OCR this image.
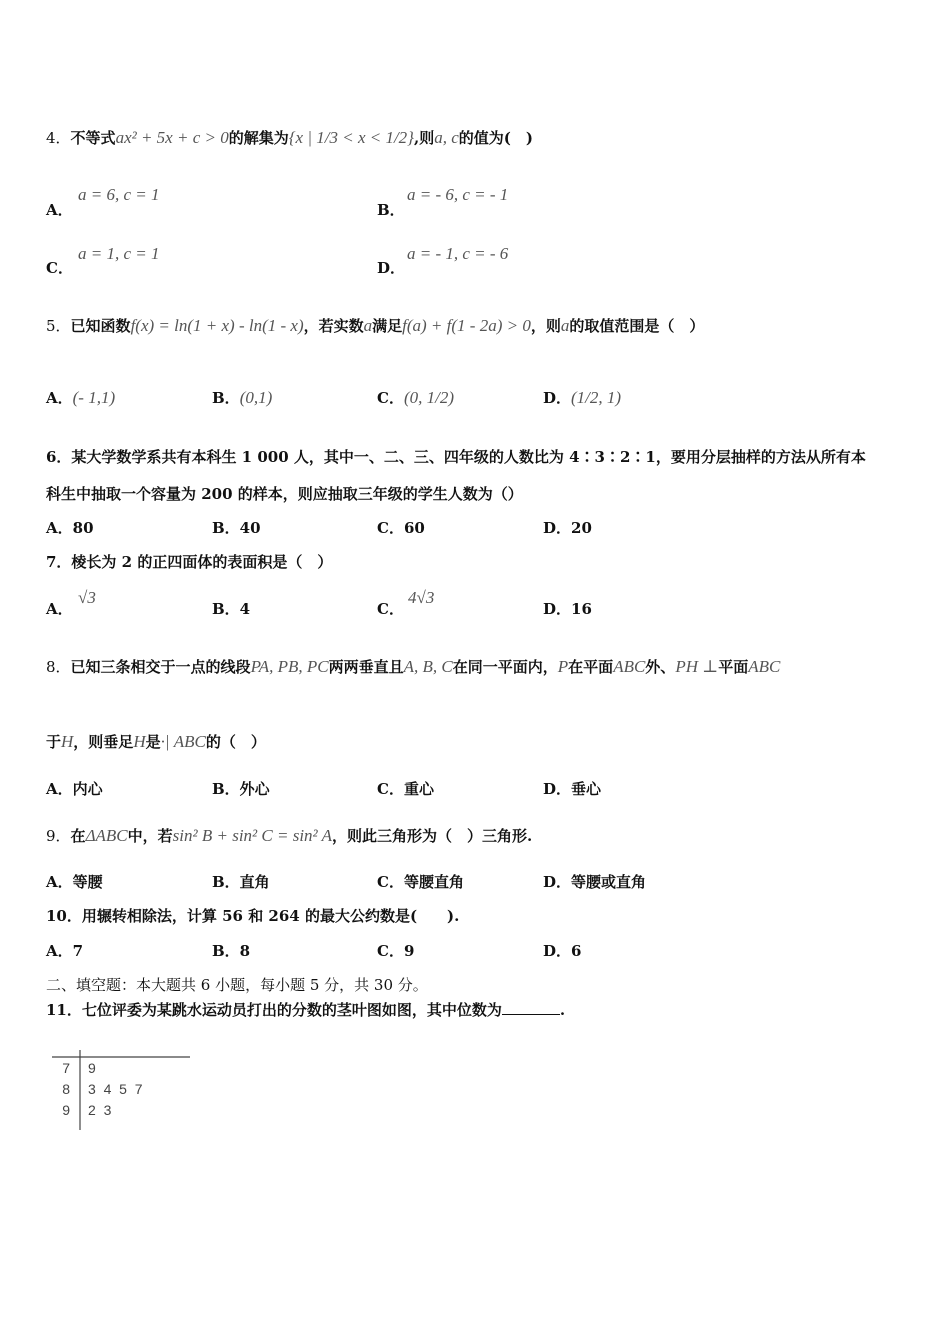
4．不等式ax² + 5x + c > 0的解集为{x | 1/3 < x < 1/2},则a, c的值为(　)
A．
a = 6, c = 1
B．
a = - 6, c = - 1
C．
a = 1, c = 1
D．
a = - 1, c = - 6
5．已知函数f(x) = ln(1 + x) - ln(1 - x)，若实数a满足f(a) + f(1 - 2a) > 0，则a的取值范围是（　）
A．(- 1,1)	B．(0,1)	C．(0, 1/2)	D．(1/2, 1)
6．某大学数学系共有本科生 1 000 人，其中一、二、三、四年级的人数比为 4∶3∶2∶1，要用分层抽样的方法从所有本
科生中抽取一个容量为 200 的样本，则应抽取三年级的学生人数为（）
A．80	B．40	C．60	D．20
7．棱长为 2 的正四面体的表面积是（　）
A．
√3
B．4	C．
4√3
D．16
8．已知三条相交于一点的线段PA, PB, PC两两垂直且A, B, C在同一平面内，P在平面ABC外、PH ⊥平面ABC
于H，则垂足H是·| ABC的（　）
A．内心	B．外心	C．重心	D．垂心
9．在ΔABC中，若sin² B + sin² C = sin² A，则此三角形为（　）三角形.
A．等腰	B．直角	C．等腰直角	D．等腰或直角
10．用辗转相除法，计算 56 和 264 的最大公约数是(　　).
A．7	B．8	C．9	D．6
二、填空题：本大题共 6 小题，每小题 5 分，共 30 分。
11．七位评委为某跳水运动员打出的分数的茎叶图如图，其中位数为	.
7 9
8 3  4  5  7
9 2  3
